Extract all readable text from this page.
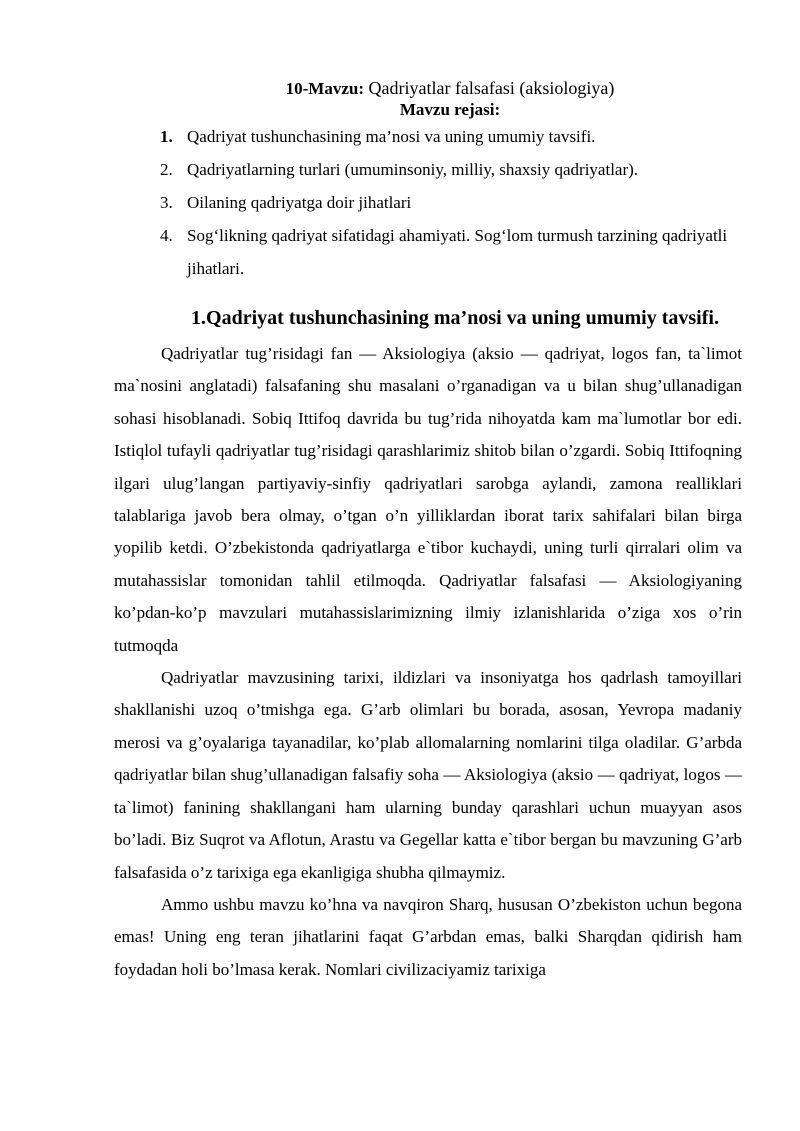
10-Mavzu: Qadriyatlar falsafasi (aksiologiya)
Mavzu rejasi:
1. Qadriyat tushunchasining ma’nosi va uning umumiy tavsifi.
2. Qadriyatlarning turlari (umuminsoniy, milliy, shaxsiy qadriyatlar).
3. Oilaning qadriyatga doir jihatlari
4. Sog‘likning qadriyat sifatidagi ahamiyati. Sog‘lom turmush tarzining qadriyatli jihatlari.
1.Qadriyat tushunchasining ma’nosi va uning umumiy tavsifi.

Qadriyatlar tug’risidagi fan — Aksiologiya (aksio — qadriyat, logos fan, ta`limot ma`nosini anglatadi) falsafaning shu masalani o’rganadigan va u bilan shug’ullanadigan sohasi hisoblanadi. Sobiq Ittifoq davrida bu tug’rida nihoyatda kam ma`lumotlar bor edi. Istiqlol tufayli qadriyatlar tug’risidagi qarashlarimiz shitob bilan o’zgardi. Sobiq Ittifoqning ilgari ulug’langan partiyaviy-sinfiy qadriyatlari sarobga aylandi, zamona realliklari talablariga javob bera olmay, o’tgan o’n yilliklardan iborat tarix sahifalari bilan birga yopilib ketdi. O’zbekistonda qadriyatlarga e`tibor kuchaydi, uning turli qirralari olim va mutahassislar tomonidan tahlil etilmoqda. Qadriyatlar falsafasi — Aksiologiyaning ko’pdan-ko’p mavzulari mutahassislarimizning ilmiy izlanishlarida o’ziga xos o’rin tutmoqda

Qadriyatlar mavzusining tarixi, ildizlari va insoniyatga hos qadrlash tamoyillari shakllanishi uzoq o’tmishga ega. G’arb olimlari bu borada, asosan, Yevropa madaniy merosi va g’oyalariga tayanadilar, ko’plab allomalarning nomlarini tilga oladilar. G’arbda qadriyatlar bilan shug’ullanadigan falsafiy soha — Aksiologiya (aksio — qadriyat, logos — ta`limot) fanining shakllangani ham ularning bunday qarashlari uchun muayyan asos bo’ladi. Biz Suqrot va Aflotun, Arastu va Gegellar katta e`tibor bergan bu mavzuning G’arb falsafasida o’z tarixiga ega ekanligiga shubha qilmaymiz.

Ammo ushbu mavzu ko’hna va navqiron Sharq, hususan O’zbekiston uchun begona emas! Uning eng teran jihatlarini faqat G’arbdan emas, balki Sharqdan qidirish ham foydadan holi bo’lmasa kerak. Nomlari civilizaciyamiz tarixiga
